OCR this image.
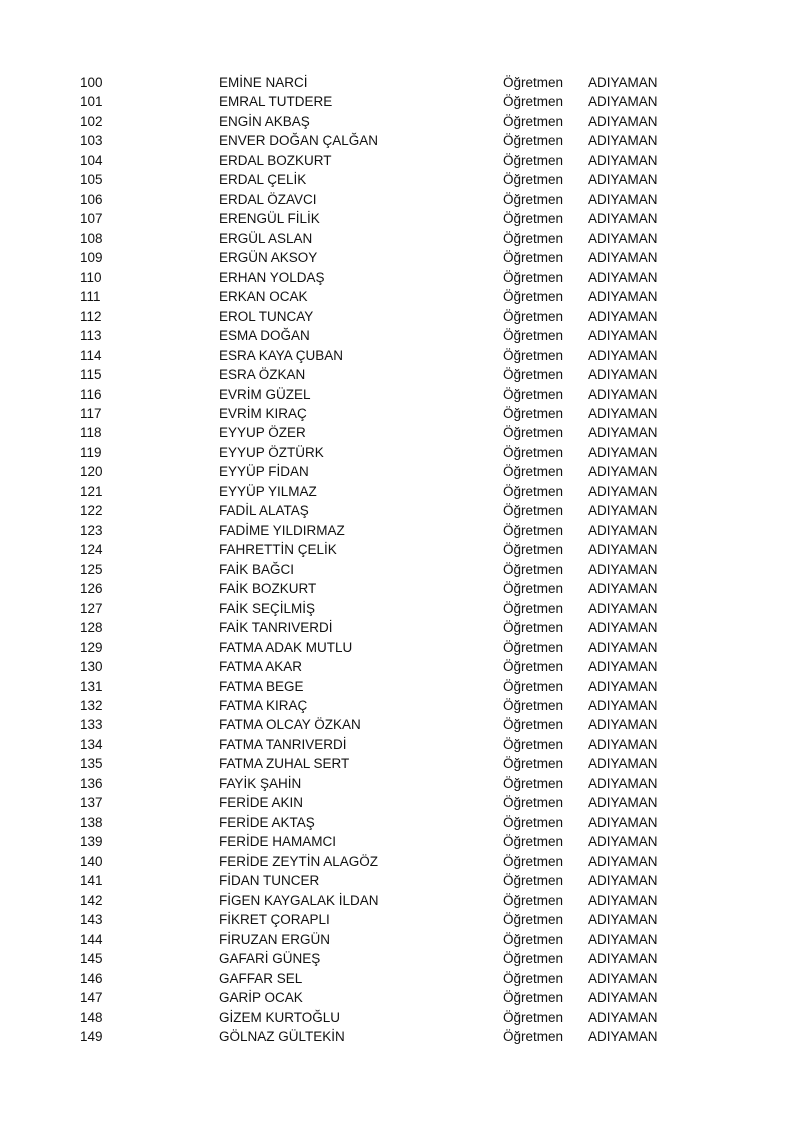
100	EMİNE NARCİ	Öğretmen ADIYAMAN
101	EMRAL TUTDERE	Öğretmen ADIYAMAN
102	ENGİN AKBAŞ	Öğretmen ADIYAMAN
103	ENVER DOĞAN ÇALĞAN	Öğretmen ADIYAMAN
104	ERDAL BOZKURT	Öğretmen ADIYAMAN
105	ERDAL ÇELİK	Öğretmen ADIYAMAN
106	ERDAL ÖZAVCI	Öğretmen ADIYAMAN
107	ERENGÜL FİLİK	Öğretmen ADIYAMAN
108	ERGÜL ASLAN	Öğretmen ADIYAMAN
109	ERGÜN AKSOY	Öğretmen ADIYAMAN
110	ERHAN YOLDAŞ	Öğretmen ADIYAMAN
111	ERKAN OCAK	Öğretmen ADIYAMAN
112	EROL TUNCAY	Öğretmen ADIYAMAN
113	ESMA DOĞAN	Öğretmen ADIYAMAN
114	ESRA KAYA ÇUBAN	Öğretmen ADIYAMAN
115	ESRA ÖZKAN	Öğretmen ADIYAMAN
116	EVRİM GÜZEL	Öğretmen ADIYAMAN
117	EVRİM KIRAÇ	Öğretmen ADIYAMAN
118	EYYUP ÖZER	Öğretmen ADIYAMAN
119	EYYUP ÖZTÜRK	Öğretmen ADIYAMAN
120	EYYÜP FİDAN	Öğretmen ADIYAMAN
121	EYYÜP YILMAZ	Öğretmen ADIYAMAN
122	FADİL ALATAŞ	Öğretmen ADIYAMAN
123	FADİME YILDIRMAZ	Öğretmen ADIYAMAN
124	FAHRETTİN ÇELİK	Öğretmen ADIYAMAN
125	FAİK BAĞCI	Öğretmen ADIYAMAN
126	FAİK BOZKURT	Öğretmen ADIYAMAN
127	FAİK SEÇİLMİŞ	Öğretmen ADIYAMAN
128	FAİK TANRIVERDİ	Öğretmen ADIYAMAN
129	FATMA ADAK MUTLU	Öğretmen ADIYAMAN
130	FATMA AKAR	Öğretmen ADIYAMAN
131	FATMA BEGE	Öğretmen ADIYAMAN
132	FATMA KIRAÇ	Öğretmen ADIYAMAN
133	FATMA OLCAY ÖZKAN	Öğretmen ADIYAMAN
134	FATMA TANRIVERDİ	Öğretmen ADIYAMAN
135	FATMA ZUHAL SERT	Öğretmen ADIYAMAN
136	FAYİK ŞAHİN	Öğretmen ADIYAMAN
137	FERİDE AKIN	Öğretmen ADIYAMAN
138	FERİDE AKTAŞ	Öğretmen ADIYAMAN
139	FERİDE HAMAMCI	Öğretmen ADIYAMAN
140	FERİDE ZEYTİN ALAGÖZ	Öğretmen ADIYAMAN
141	FİDAN TUNCER	Öğretmen ADIYAMAN
142	FİGEN KAYGALAK İLDAN	Öğretmen ADIYAMAN
143	FİKRET ÇORAPLI	Öğretmen ADIYAMAN
144	FİRUZAN ERGÜN	Öğretmen ADIYAMAN
145	GAFARİ GÜNEŞ	Öğretmen ADIYAMAN
146	GAFFAR SEL	Öğretmen ADIYAMAN
147	GARİP OCAK	Öğretmen ADIYAMAN
148	GİZEM KURTOĞLU	Öğretmen ADIYAMAN
149	GÖLNAZ GÜLTEKİN	Öğretmen ADIYAMAN
